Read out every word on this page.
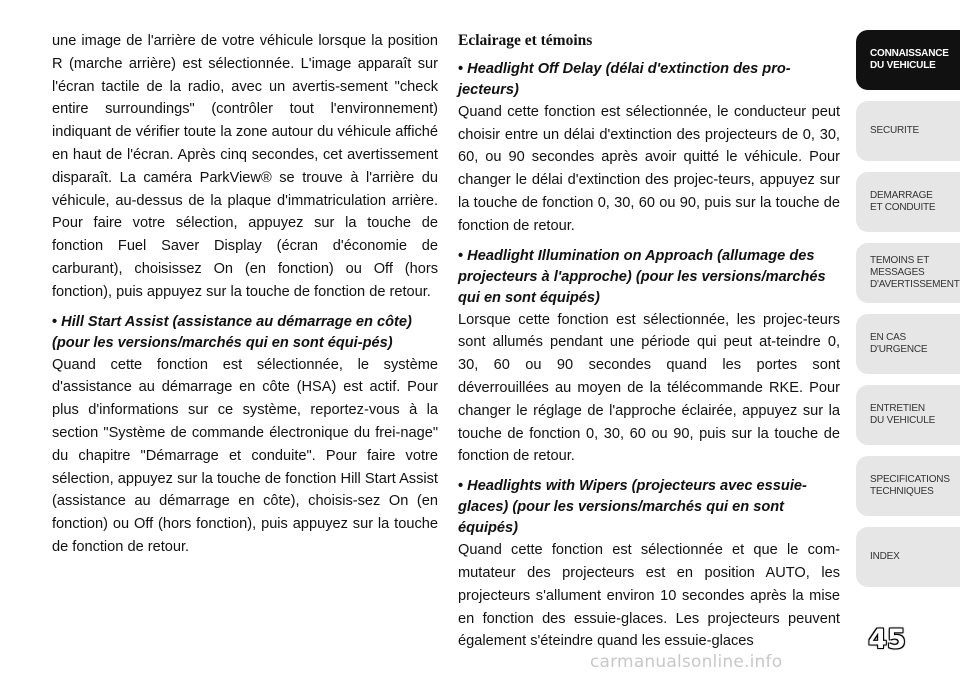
une image de l'arrière de votre véhicule lorsque la position R (marche arrière) est sélectionnée. L'image apparaît sur l'écran tactile de la radio, avec un avertis-sement "check entire surroundings" (contrôler tout l'environnement) indiquant de vérifier toute la zone autour du véhicule affiché en haut de l'écran. Après cinq secondes, cet avertissement disparaît. La caméra ParkView® se trouve à l'arrière du véhicule, au-dessus de la plaque d'immatriculation arrière. Pour faire votre sélection, appuyez sur la touche de fonction Fuel Saver Display (écran d'économie de carburant), choisissez On (en fonction) ou Off (hors fonction), puis appuyez sur la touche de fonction de retour.

• Hill Start Assist (assistance au démarrage en côte) (pour les versions/marchés qui en sont équi-pés)

Quand cette fonction est sélectionnée, le système d'assistance au démarrage en côte (HSA) est actif. Pour plus d'informations sur ce système, reportez-vous à la section "Système de commande électronique du frei-nage" du chapitre "Démarrage et conduite". Pour faire votre sélection, appuyez sur la touche de fonction Hill Start Assist (assistance au démarrage en côte), choisis-sez On (en fonction) ou Off (hors fonction), puis appuyez sur la touche de fonction de retour.

Eclairage et témoins
• Headlight Off Delay (délai d'extinction des pro-jecteurs)

Quand cette fonction est sélectionnée, le conducteur peut choisir entre un délai d'extinction des projecteurs de 0, 30, 60, ou 90 secondes après avoir quitté le véhicule. Pour changer le délai d'extinction des projec-teurs, appuyez sur la touche de fonction 0, 30, 60 ou 90, puis sur la touche de fonction de retour.

• Headlight Illumination on Approach (allumage des projecteurs à l'approche) (pour les versions/marchés qui en sont équipés)

Lorsque cette fonction est sélectionnée, les projec-teurs sont allumés pendant une période qui peut at-teindre 0, 30, 60 ou 90 secondes quand les portes sont déverrouillées au moyen de la télécommande RKE. Pour changer le réglage de l'approche éclairée, appuyez sur la touche de fonction 0, 30, 60 ou 90, puis sur la touche de fonction de retour.

• Headlights with Wipers (projecteurs avec essuie-glaces) (pour les versions/marchés qui en sont équipés)

Quand cette fonction est sélectionnée et que le com-mutateur des projecteurs est en position AUTO, les projecteurs s'allument environ 10 secondes après la mise en fonction des essuie-glaces. Les projecteurs peuvent également s'éteindre quand les essuie-glaces

CONNAISSANCE
DU VEHICULE
SECURITE
DEMARRAGE
ET CONDUITE
TEMOINS ET
MESSAGES
D'AVERTISSEMENT
EN CAS
D'URGENCE
ENTRETIEN
DU VEHICULE
SPECIFICATIONS
TECHNIQUES
INDEX
45
carmanualsonline.info
